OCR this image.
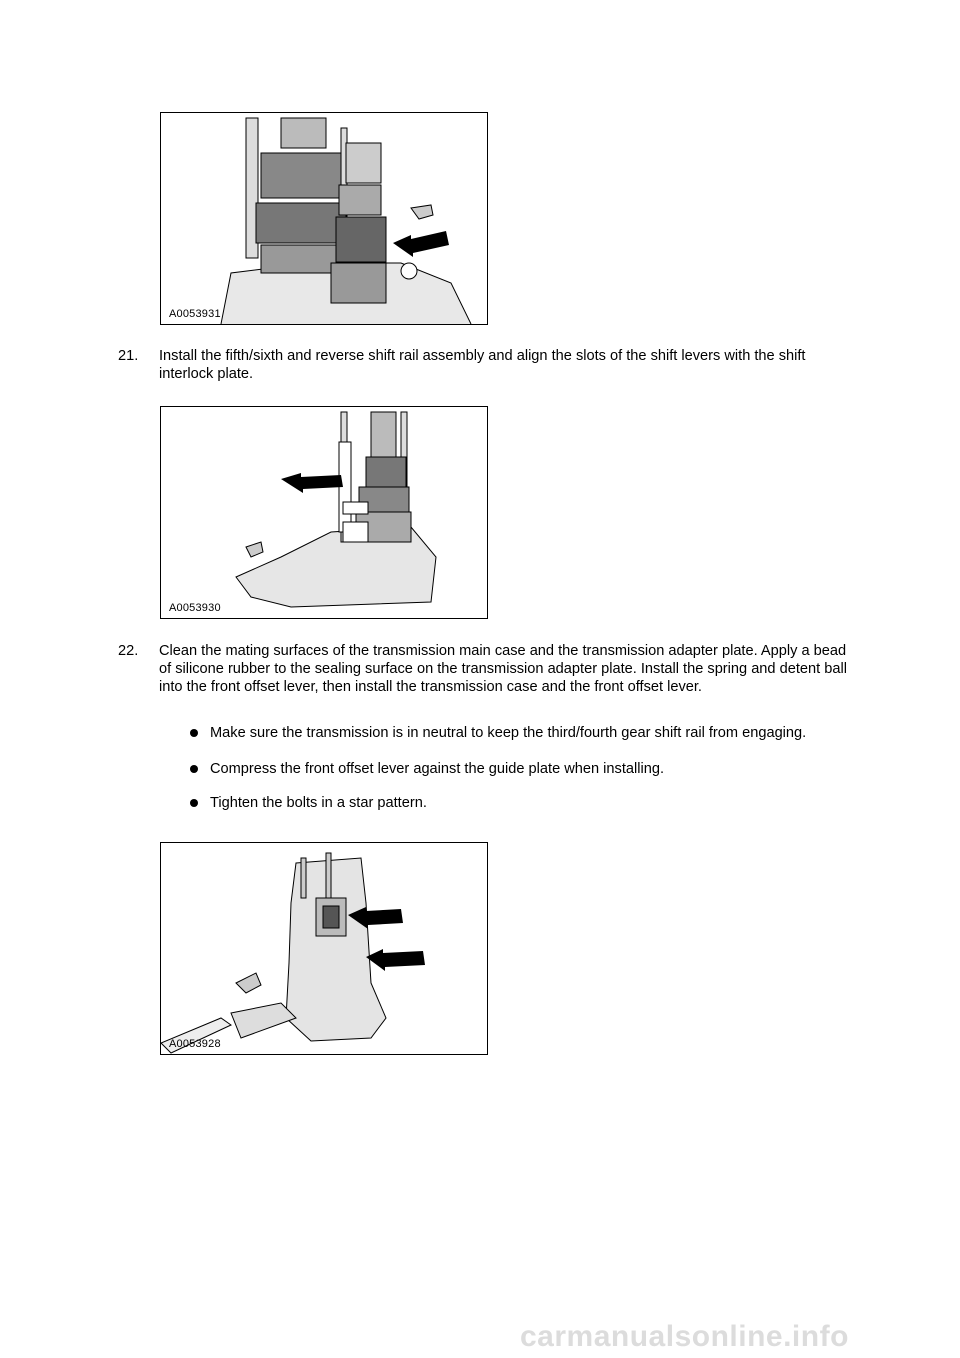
A0053931
21.	Install the fifth/sixth and reverse shift rail assembly and align the slots of the shift levers with the shift interlock plate.
A0053930
22.	Clean the mating surfaces of the transmission main case and the transmission adapter plate. Apply a bead of silicone rubber to the sealing surface on the transmission adapter plate. Install the spring and detent ball into the front offset lever, then install the transmission case and the front offset lever.
Make sure the transmission is in neutral to keep the third/fourth gear shift rail from engaging.
Compress the front offset lever against the guide plate when installing.
Tighten the bolts in a star pattern.
A0053928
carmanualsonline.info
